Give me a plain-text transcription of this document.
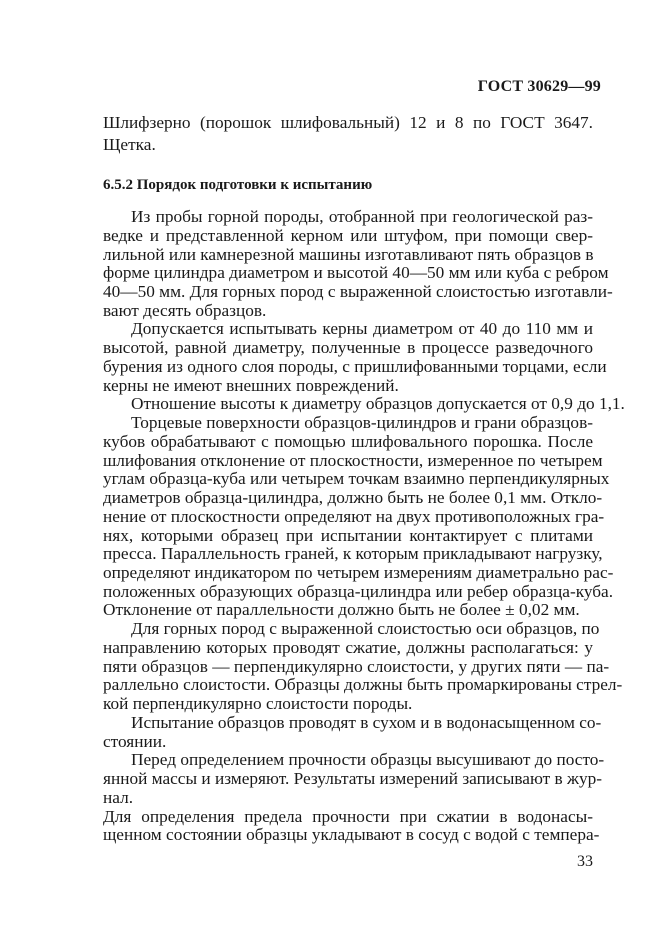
ГОСТ 30629—99
Шлифзерно (порошок шлифовальный) 12 и 8 по ГОСТ 3647.
Щетка.
6.5.2 Порядок подготовки к испытанию
Из пробы горной породы, отобранной при геологической раз-
ведке и представленной керном или штуфом, при помощи свер-
лильной или камнерезной машины изготавливают пять образцов в
форме цилиндра диаметром и высотой 40—50 мм или куба с ребром
40—50 мм. Для горных пород с выраженной слоистостью изготавли-
вают десять образцов.
Допускается испытывать керны диаметром от 40 до 110 мм и
высотой, равной диаметру, полученные в процессе разведочного
бурения из одного слоя породы, с пришлифованными торцами, если
керны не имеют внешних повреждений.
Отношение высоты к диаметру образцов допускается от 0,9 до 1,1.
Торцевые поверхности образцов-цилиндров и грани образцов-
кубов обрабатывают с помощью шлифовального порошка. После
шлифования отклонение от плоскостности, измеренное по четырем
углам образца-куба или четырем точкам взаимно перпендикулярных
диаметров образца-цилиндра, должно быть не более 0,1 мм. Откло-
нение от плоскостности определяют на двух противоположных гра-
нях, которыми образец при испытании контактирует с плитами
пресса. Параллельность граней, к которым прикладывают нагрузку,
определяют индикатором по четырем измерениям диаметрально рас-
положенных образующих образца-цилиндра или ребер образца-куба.
Отклонение от параллельности должно быть не более ± 0,02 мм.
Для горных пород с выраженной слоистостью оси образцов, по
направлению которых проводят сжатие, должны располагаться: у
пяти образцов — перпендикулярно слоистости, у других пяти — па-
раллельно слоистости. Образцы должны быть промаркированы стрел-
кой перпендикулярно слоистости породы.
Испытание образцов проводят в сухом и в водонасыщенном со-
стоянии.
33
Перед определением прочности образцы высушивают до посто-
янной массы и измеряют. Результаты измерений записывают в жур-
нал.
Для определения предела прочности при сжатии в водонасы-
щенном состоянии образцы укладывают в сосуд с водой с темпера-
